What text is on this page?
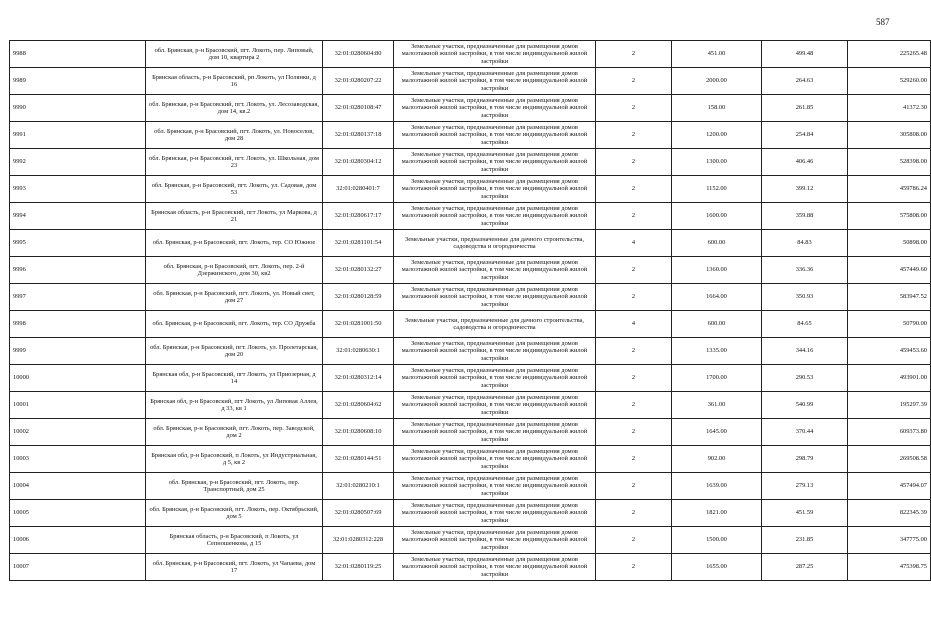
587
9988	обл. Брянская, р-н Брасовский, пгт. Локоть, пер. Липовый, дом 10, квартира 2	32:01:0280604:80	Земельные участки, предназначенные для размещения домов малоэтажной жилой застройки, в том числе индивидуальной жилой застройки	2	451.00	499.48	225265.48
9989	Брянская область, р-н Брасовский, рп Локоть, ул Полянки, д 16	32:01:0280207:22	Земельные участки, предназначенные для размещения домов малоэтажной жилой застройки, в том числе индивидуальной жилой застройки	2	2000.00	264.63	529260.00
9990	обл. Брянская, р-н Брасовский, пгт. Локоть, ул. Лесозаводская, дом 14, кв.2	32:01:0280108:47	Земельные участки, предназначенные для размещения домов малоэтажной жилой застройки, в том числе индивидуальной жилой застройки	2	158.00	261.85	41372.30
9991	обл. Брянская, р-н Брасовский, пгт. Локоть, ул. Новоселов, дом 28	32:01:0280137:18	Земельные участки, предназначенные для размещения домов малоэтажной жилой застройки, в том числе индивидуальной жилой застройки	2	1200.00	254.84	305808.00
9992	обл. Брянская, р-н Брасовский, пгт. Локоть, ул. Школьная, дом 23	32:01:0280304:12	Земельные участки, предназначенные для размещения домов малоэтажной жилой застройки, в том числе индивидуальной жилой застройки	2	1300.00	406.46	528398.00
9993	обл. Брянская, р-н Брасовский, пгт. Локоть, ул. Садовая, дом 53	32:01:0280401:7	Земельные участки, предназначенные для размещения домов малоэтажной жилой застройки, в том числе индивидуальной жилой застройки	2	1152.00	399.12	459786.24
9994	Брянская область, р-н Брасовский, пгт Локоть, ул Маркова, д 21	32:01:0280617:17	Земельные участки, предназначенные для размещения домов малоэтажной жилой застройки, в том числе индивидуальной жилой застройки	2	1600.00	359.88	575808.00
9995	обл. Брянская, р-н Брасовский, пгт. Локоть, тер. СО Южное	32:01:0281101:54	Земельные участки, предназначенные для дачного строительства, садоводства и огородничества	4	600.00	84.83	50898.00
9996	обл. Брянская, р-н Брасовский, пгт. Локоть, пер. 2-й Дзержинского, дом 30, кв2	32:01:0280132:27	Земельные участки, предназначенные для размещения домов малоэтажной жилой застройки, в том числе индивидуальной жилой застройки	2	1360.00	336.36	457449.60
9997	обл. Брянская, р-н Брасовский, пгт. Локоть, ул. Новый свет, дом 27	32:01:0280128:59	Земельные участки, предназначенные для размещения домов малоэтажной жилой застройки, в том числе индивидуальной жилой застройки	2	1664.00	350.93	583947.52
9998	обл. Брянская, р-н Брасовский, пгт. Локоть, тер. СО Дружба	32:01:0281001:50	Земельные участки, предназначенные для дачного строительства, садоводства и огородничества	4	600.00	84.65	50790.00
9999	обл. Брянская, р-н Брасовский, пгт. Локоть, ул. Пролетарская, дом 20	32:01:0280630:1	Земельные участки, предназначенные для размещения домов малоэтажной жилой застройки, в том числе индивидуальной жилой застройки	2	1335.00	344.16	459453.60
10000	Брянская обл, р-н Брасовский, пгт Локоть, ул Приозерная, д 14	32:01:0280312:14	Земельные участки, предназначенные для размещения домов малоэтажной жилой застройки, в том числе индивидуальной жилой застройки	2	1700.00	290.53	493901.00
10001	Брянская обл, р-н Брасовский, пгт Локоть, ул Липовая Аллея, д 33, кв 1	32:01:0280604:62	Земельные участки, предназначенные для размещения домов малоэтажной жилой застройки, в том числе индивидуальной жилой застройки	2	361.00	540.99	195297.39
10002	обл. Брянская, р-н Брасовский, пгт. Локоть, пер. Заводской, дом 2	32:01:0280608:10	Земельные участки, предназначенные для размещения домов малоэтажной жилой застройки, в том числе индивидуальной жилой застройки	2	1645.00	370.44	609373.80
10003	Брянская обл, р-н Брасовский, п Локоть, ул Индустриальная, д 5, кв 2	32:01:0280144:51	Земельные участки, предназначенные для размещения домов малоэтажной жилой застройки, в том числе индивидуальной жилой застройки	2	902.00	298.79	269508.58
10004	обл. Брянская, р-н Брасовский, пгт. Локоть, пер. Транспортный, дом 25	32:01:0280210:1	Земельные участки, предназначенные для размещения домов малоэтажной жилой застройки, в том числе индивидуальной жилой застройки	2	1639.00	279.13	457494.07
10005	обл. Брянская, р-н Брасовский, пгт. Локоть, пер. Октябрьский, дом 5	32:01:0280507:69	Земельные участки, предназначенные для размещения домов малоэтажной жилой застройки, в том числе индивидуальной жилой застройки	2	1821.00	451.59	822345.39
10006	Брянская область, р-н Брасовский, п Локоть, ул Сепношенкова, д 15	32:01:0280312:228	Земельные участки, предназначенные для размещения домов малоэтажной жилой застройки, в том числе индивидуальной жилой застройки	2	1500.00	231.85	347775.00
10007	обл. Брянская, р-н Брасовский, пгт. Локоть, ул Чапаева, дом 17	32:01:0280119:25	Земельные участки, предназначенные для размещения домов малоэтажной жилой застройки, в том числе индивидуальной жилой застройки	2	1655.00	287.25	475398.75
